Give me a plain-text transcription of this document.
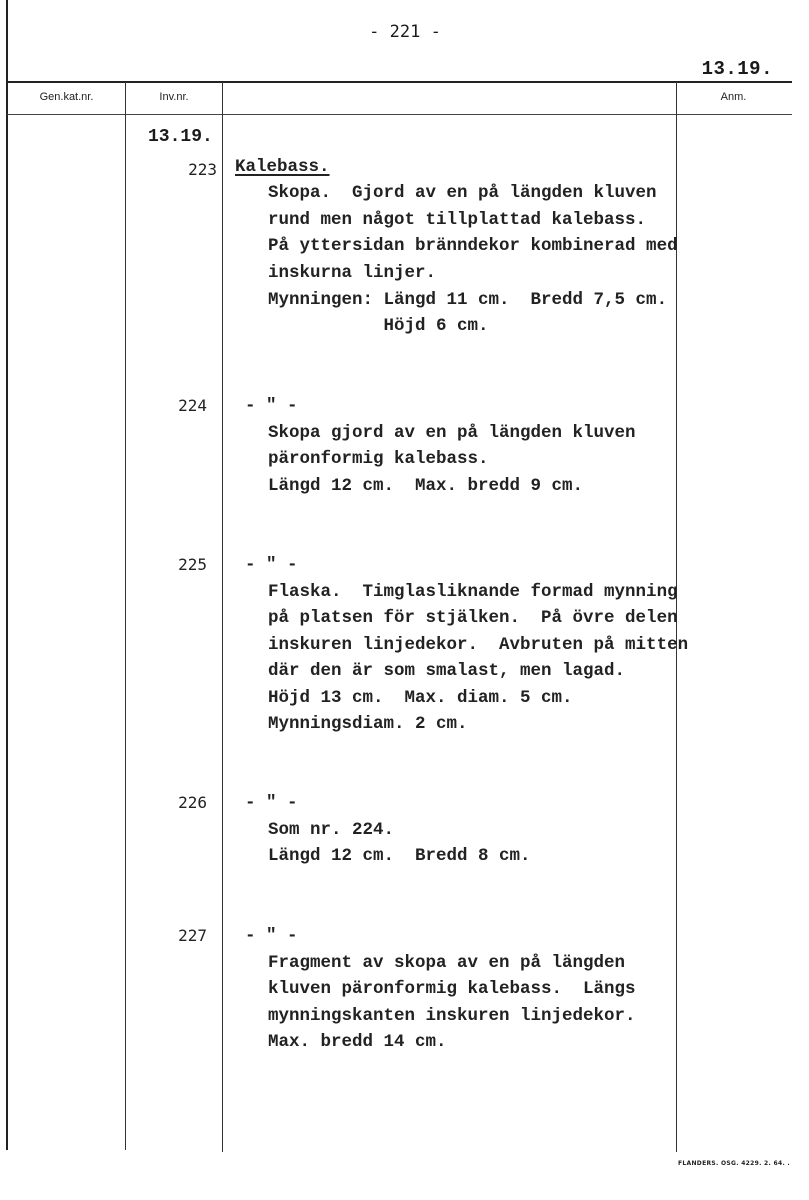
- 221 -
13.19.
Gen.kat.nr.	Inv.nr.	Anm.
13.19.
223 Kalebass.
Skopa.  Gjord av en på längden kluven
rund men något tillplattad kalebass.
På yttersidan bränndekor kombinerad med
inskurna linjer.
Mynningen: Längd 11 cm.  Bredd 7,5 cm.
Höjd 6 cm.
224 - " -
Skopa gjord av en på längden kluven
päronformig kalebass.
Längd 12 cm.  Max. bredd 9 cm.
225 - " -
Flaska.  Timglasliknande formad mynning
på platsen för stjälken.  På övre delen
inskuren linjedekor.  Avbruten på mitten
där den är som smalast, men lagad.
Höjd 13 cm.  Max. diam. 5 cm.
Mynningsdiam. 2 cm.
226 - " -
Som nr. 224.
Längd 12 cm.  Bredd 8 cm.
227 - " -
Fragment av skopa av en på längden
kluven päronformig kalebass.  Längs
mynningskanten inskuren linjedekor.
Max. bredd 14 cm.
FLANDERS. OSG. 4229. 2. 64. .
